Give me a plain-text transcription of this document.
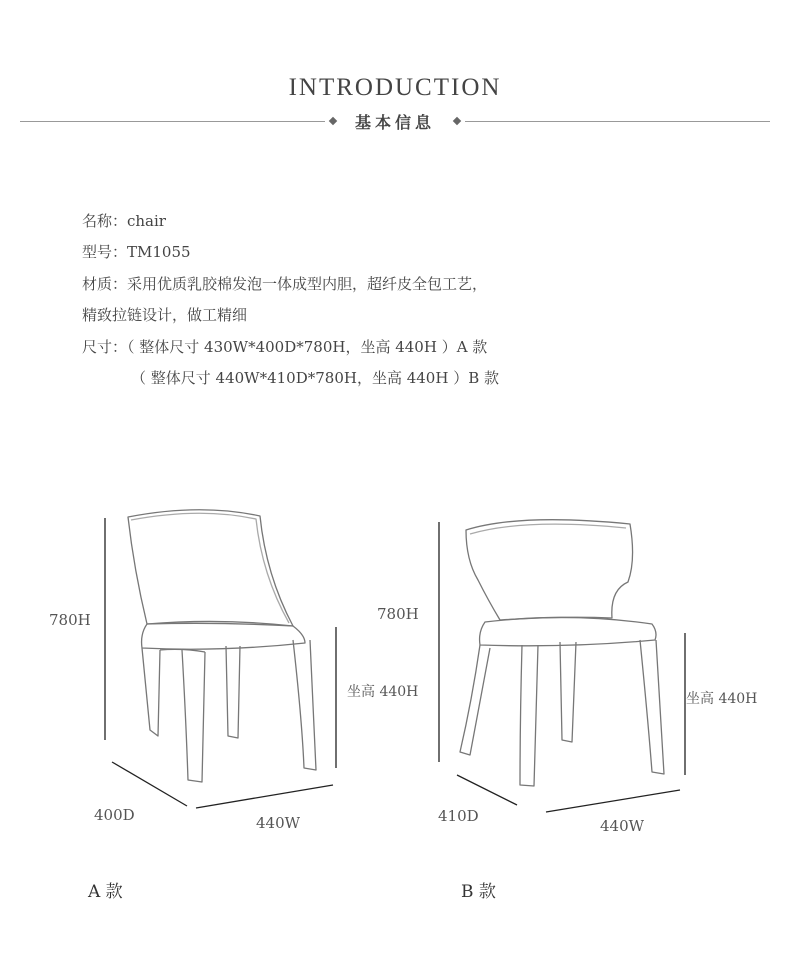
INTRODUCTION
基本信息
名称：chair
型号：TM1055
材质：采用优质乳胶棉发泡一体成型内胆，超纤皮全包工艺，
精致拉链设计，做工精细
尺寸：（ 整体尺寸 430W*400D*780H，坐高 440H ）A 款
（ 整体尺寸 440W*410D*780H，坐高 440H ）B 款
780H
坐高 440H
400D	440W
A 款
780H
坐高 440H
410D
440W
B 款
